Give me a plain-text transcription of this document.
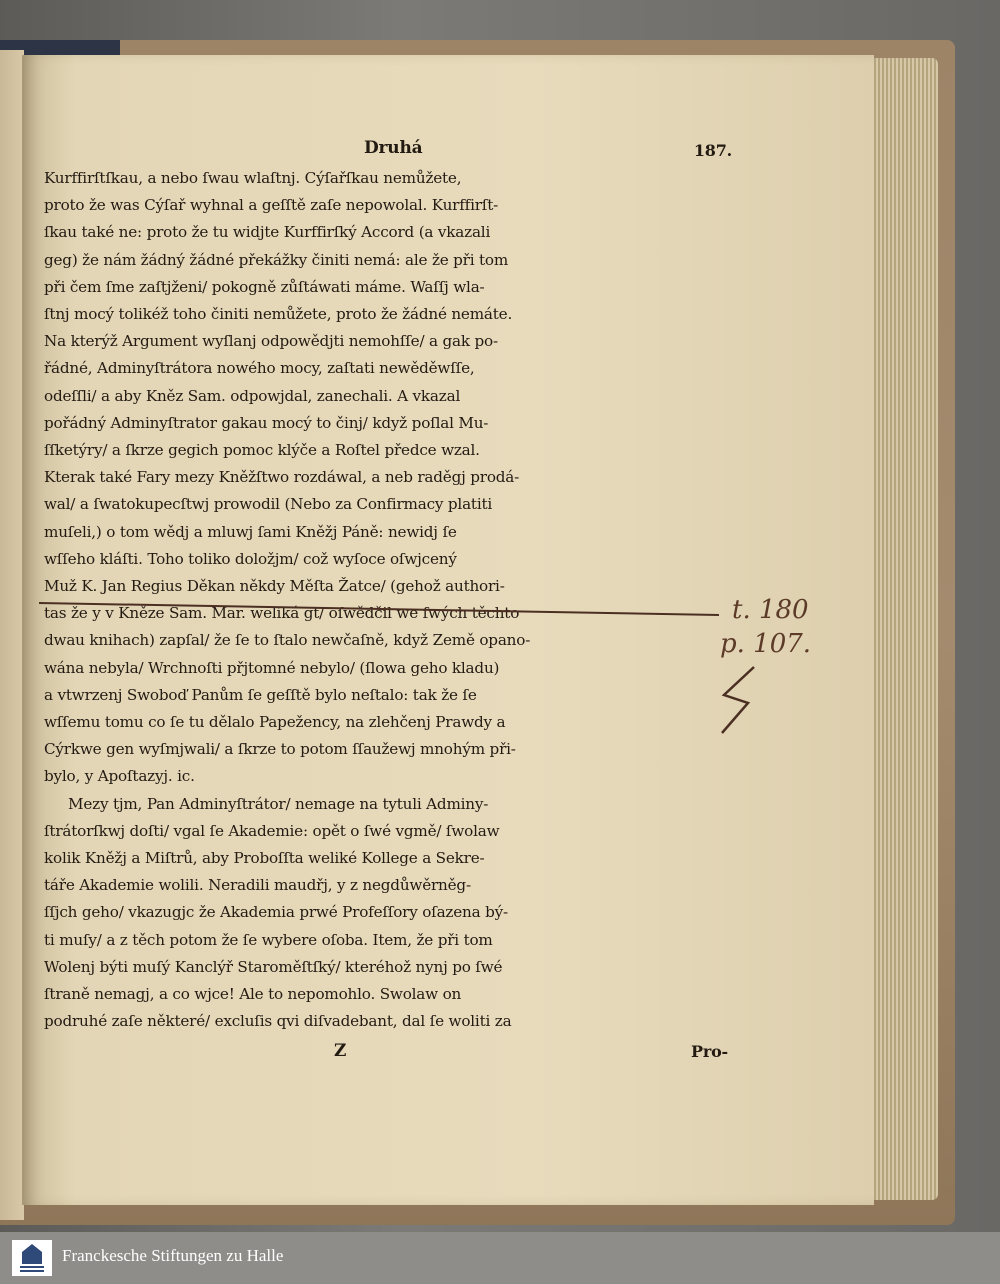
Druhá	187.
Kurffirſtſkau, a nebo ſwau wlaſtnj. Cýſařſkau nemůžete,
proto že was Cýſař wyhnal a geſſtě zaſe nepowolal. Kurffirſt-
ſkau také ne: proto že tu widjte Kurffirſký Accord (a vkazali
geg) že nám žádný žádné překážky činiti nemá: ale že při tom
při čem ſme zaſtjženi/ pokogně zůſtáwati máme. Waſſj wla-
ſtnj mocý tolikéž toho činiti nemůžete, proto že žádné nemáte.
Na kterýž Argument wyſlanj odpowědjti nemohſſe/ a gak po-
řádné, Adminyſtrátora nowého mocy, zaſtati newěděwſſe,
odeſſli/ a aby Kněz Sam. odpowjdal, zanechali. A vkazal
pořádný Adminyſtrator gakau mocý to činj/ když poſlal Mu-
ſſketýry/ a ſkrze gegich pomoc klýče a Roſtel předce wzal.
Kterak také Fary mezy Kněžſtwo rozdáwal, a neb raděgj prodá-
wal/ a ſwatokupecſtwj prowodil (Nebo za Confirmacy platiti
muſeli,) o tom wědj a mluwj ſami Kněžj Páně: newidj ſe
wſſeho kláſti. Toho toliko doložjm/ což wyſoce oſwjcený
Muž K. Jan Regius Děkan někdy Měſta Žatce/ (gehož authori-
tas že y v Kněze Sam. Mar. weliká gt/ oſwědčil we ſwých těchto
dwau knihach) zapſal/ že ſe to ſtalo newčaſně, když Země opano-
wána nebyla/ Wrchnoſti přjtomné nebylo/ (ſlowa geho kladu)
a vtwrzenj Swoboď Panům ſe geſſtě bylo neſtalo: tak že ſe
wſſemu tomu co ſe tu dělalo Papežency, na zlehčenj Prawdy a
Cýrkwe gen wyſmjwali/ a ſkrze to potom ſſaužewj mnohým při-
bylo, y Apoſtazyj. ic.
Mezy tjm, Pan Adminyſtrátor/ nemage na tytuli Adminy-
ſtrátorſkwj doſti/ vgal ſe Akademie: opět o ſwé vgmě/ ſwolaw
kolik Kněžj a Miſtrů, aby Proboſſta weliké Kollege a Sekre-
táře Akademie wolili. Neradili maudřj, y z negdůwěrněg-
ſſjch geho/ vkazugjc že Akademia prwé Profeſſory oſazena bý-
ti muſy/ a z těch potom že ſe wybere oſoba. Item, že při tom
Wolenj býti muſý Kanclýř Staroměſtſký/ kteréhož nynj po ſwé
ſtraně nemagj, a co wjce! Ale to nepomohlo. Swolaw on
podruhé zaſe některé/ excluſis qvi diſvadebant, dal ſe woliti za
Z	Pro-
t. 180
p. 107.
Franckesche Stiftungen zu Halle
